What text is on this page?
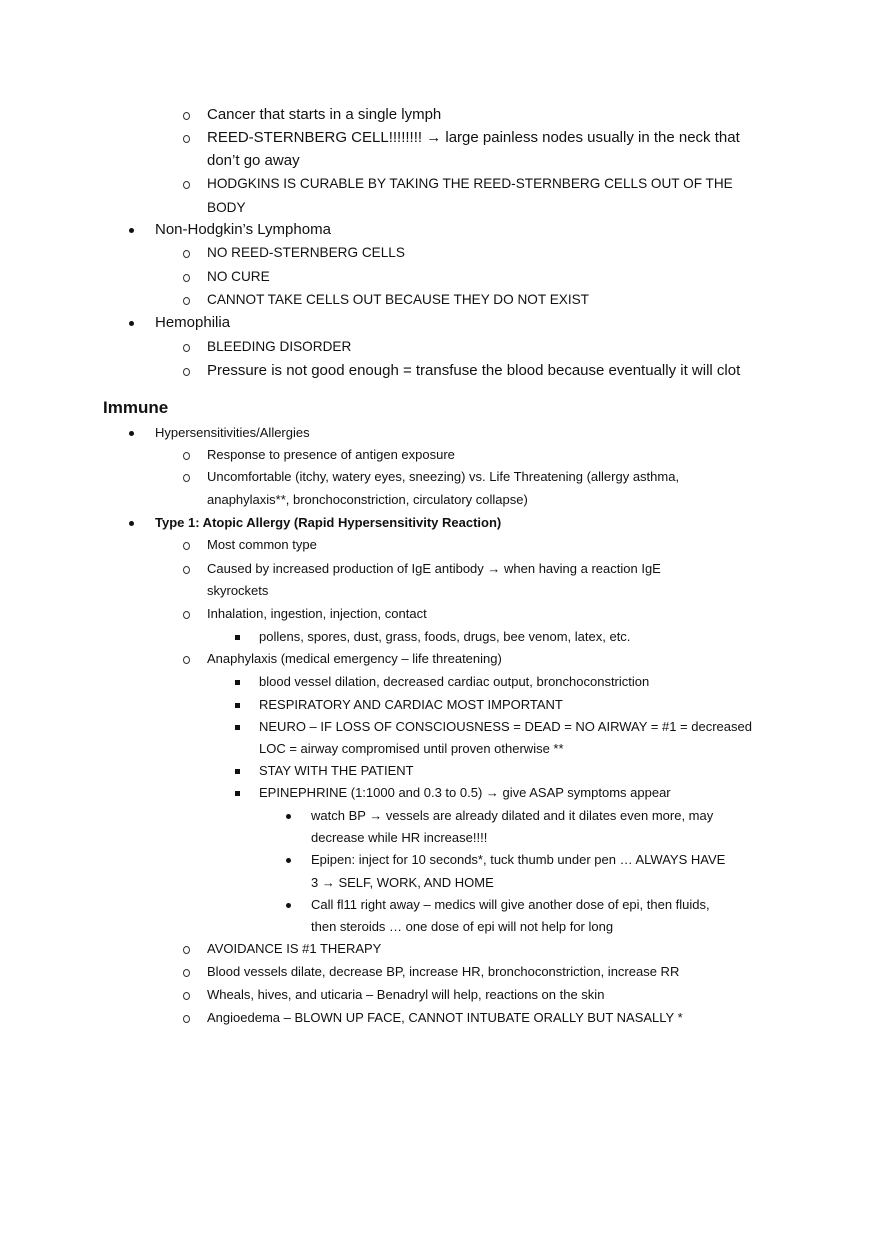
Immune
Cancer that starts in a single lymph
REED-STERNBERG CELL!!!!!!!! → large painless nodes usually in the neck that
don’t go away
HODGKINS IS CURABLE BY TAKING THE REED-STERNBERG CELLS OUT OF THE
BODY
Non-Hodgkin’s Lymphoma
NO REED-STERNBERG CELLS
NO CURE
CANNOT TAKE CELLS OUT BECAUSE THEY DO NOT EXIST
Hemophilia
BLEEDING DISORDER
Pressure is not good enough = transfuse the blood because eventually it will clot
Hypersensitivities/Allergies
Response to presence of antigen exposure
Uncomfortable (itchy, watery eyes, sneezing) vs. Life Threatening (allergy asthma,
anaphylaxis**, bronchoconstriction, circulatory collapse)
Type 1: Atopic Allergy (Rapid Hypersensitivity Reaction)
Most common type
Caused by increased production of IgE antibody → when having a reaction IgE
skyrockets
Inhalation, ingestion, injection, contact
pollens, spores, dust, grass, foods, drugs, bee venom, latex, etc.
Anaphylaxis (medical emergency – life threatening)
blood vessel dilation, decreased cardiac output, bronchoconstriction
RESPIRATORY AND CARDIAC MOST IMPORTANT
NEURO – IF LOSS OF CONSCIOUSNESS = DEAD = NO AIRWAY = #1 = decreased
LOC = airway compromised until proven otherwise **
STAY WITH THE PATIENT
EPINEPHRINE (1:1000 and 0.3 to 0.5) → give ASAP symptoms appear
watch BP → vessels are already dilated and it dilates even more, may
decrease while HR increase!!!!
Epipen: inject for 10 seconds*, tuck thumb under pen … ALWAYS HAVE
3 → SELF, WORK, AND HOME
Call fl11 right away – medics will give another dose of epi, then fluids,
then steroids … one dose of epi will not help for long
AVOIDANCE IS #1 THERAPY
Blood vessels dilate, decrease BP, increase HR, bronchoconstriction, increase RR
Wheals, hives, and uticaria – Benadryl will help, reactions on the skin
Angioedema – BLOWN UP FACE, CANNOT INTUBATE ORALLY BUT NASALLY *
